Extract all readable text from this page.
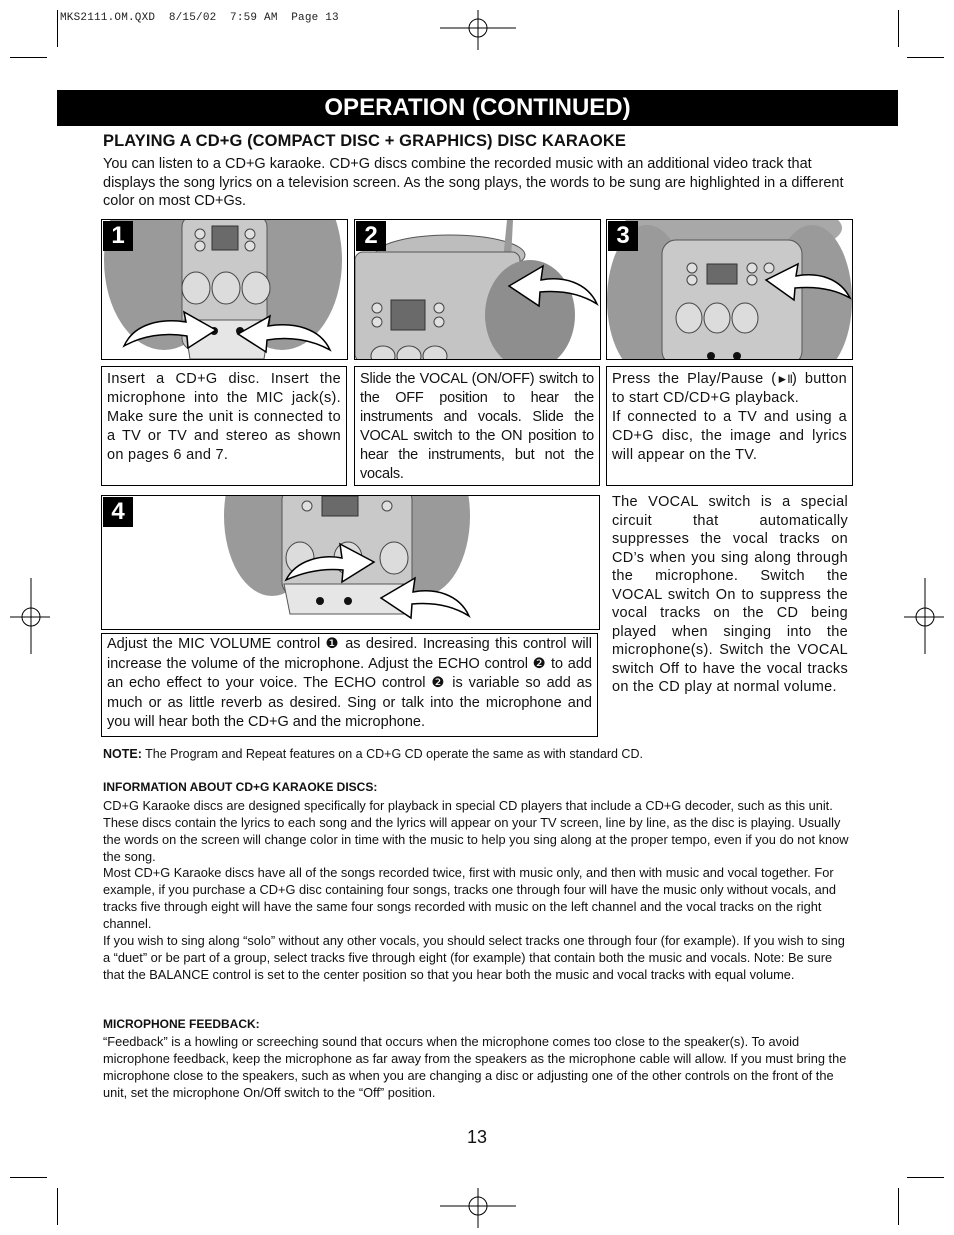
MKS2111.OM.QXD  8/15/02  7:59 AM  Page 13
OPERATION (CONTINUED)
PLAYING A CD+G (COMPACT DISC + GRAPHICS) DISC KARAOKE
You can listen to a CD+G karaoke. CD+G discs combine the recorded music with an additional video track that displays the song lyrics on a television screen. As the song plays, the words to be sung are highlighted in a different color on most CD+Gs.
1	2	3
Insert a CD+G disc. Insert the microphone into the MIC jack(s). Make sure the unit is connected to a TV or TV and stereo as shown on pages 6 and 7.
Slide the VOCAL (ON/OFF) switch to the OFF position to hear the instruments and vocals. Slide the VOCAL switch to the ON position to hear the instruments, but not the vocals.
Press the Play/Pause (►II) button to start CD/CD+G playback.
If connected to a TV and using a CD+G disc, the image and lyrics will appear on the TV.
4
Adjust the MIC VOLUME control ❶ as desired. Increasing this control will increase the volume of the microphone. Adjust the ECHO control ❷ to add an echo effect to your voice. The ECHO control ❷ is variable so add as much or as little reverb as desired. Sing or talk into the microphone and you will hear both the CD+G and the microphone.
The VOCAL switch is a special circuit that automatically suppresses the vocal tracks on CD’s when you sing along through the microphone. Switch the VOCAL switch On to suppress the vocal tracks on the CD being played when singing into the microphone(s). Switch the VOCAL switch Off to have the vocal tracks on the CD play at normal volume.
NOTE: The Program and Repeat features on a CD+G CD operate the same as with standard CD.
INFORMATION ABOUT CD+G KARAOKE DISCS:
CD+G Karaoke discs are designed specifically for playback in special CD players that include a CD+G decoder, such as this unit. These discs contain the lyrics to each song and the lyrics will appear on your TV screen, line by line, as the disc is playing. Usually the words on the screen will change color in time with the music to help you sing along at the proper tempo, even if you do not know the song.
Most CD+G Karaoke discs have all of the songs recorded twice, first with music only, and then with music and vocal together. For example, if you purchase a CD+G disc containing four songs, tracks one through four will have the music only without vocals, and tracks five through eight will have the same four songs recorded with music on the left channel and the vocal tracks on the right channel.
If you wish to sing along “solo” without any other vocals, you should select tracks one through four (for example). If you wish to sing a “duet” or be part of a group, select tracks five through eight (for example) that contain both the music and vocals. Note: Be sure that the BALANCE control is set to the center position so that you hear both the music and vocal tracks with equal volume.
MICROPHONE FEEDBACK:
“Feedback” is a howling or screeching sound that occurs when the microphone comes too close to the speaker(s). To avoid microphone feedback, keep the microphone as far away from the speakers as the microphone cable will allow. If you must bring the microphone close to the speakers, such as when you are changing a disc or adjusting one of the other controls on the front of the unit, set the microphone On/Off switch to the “Off” position.
13
